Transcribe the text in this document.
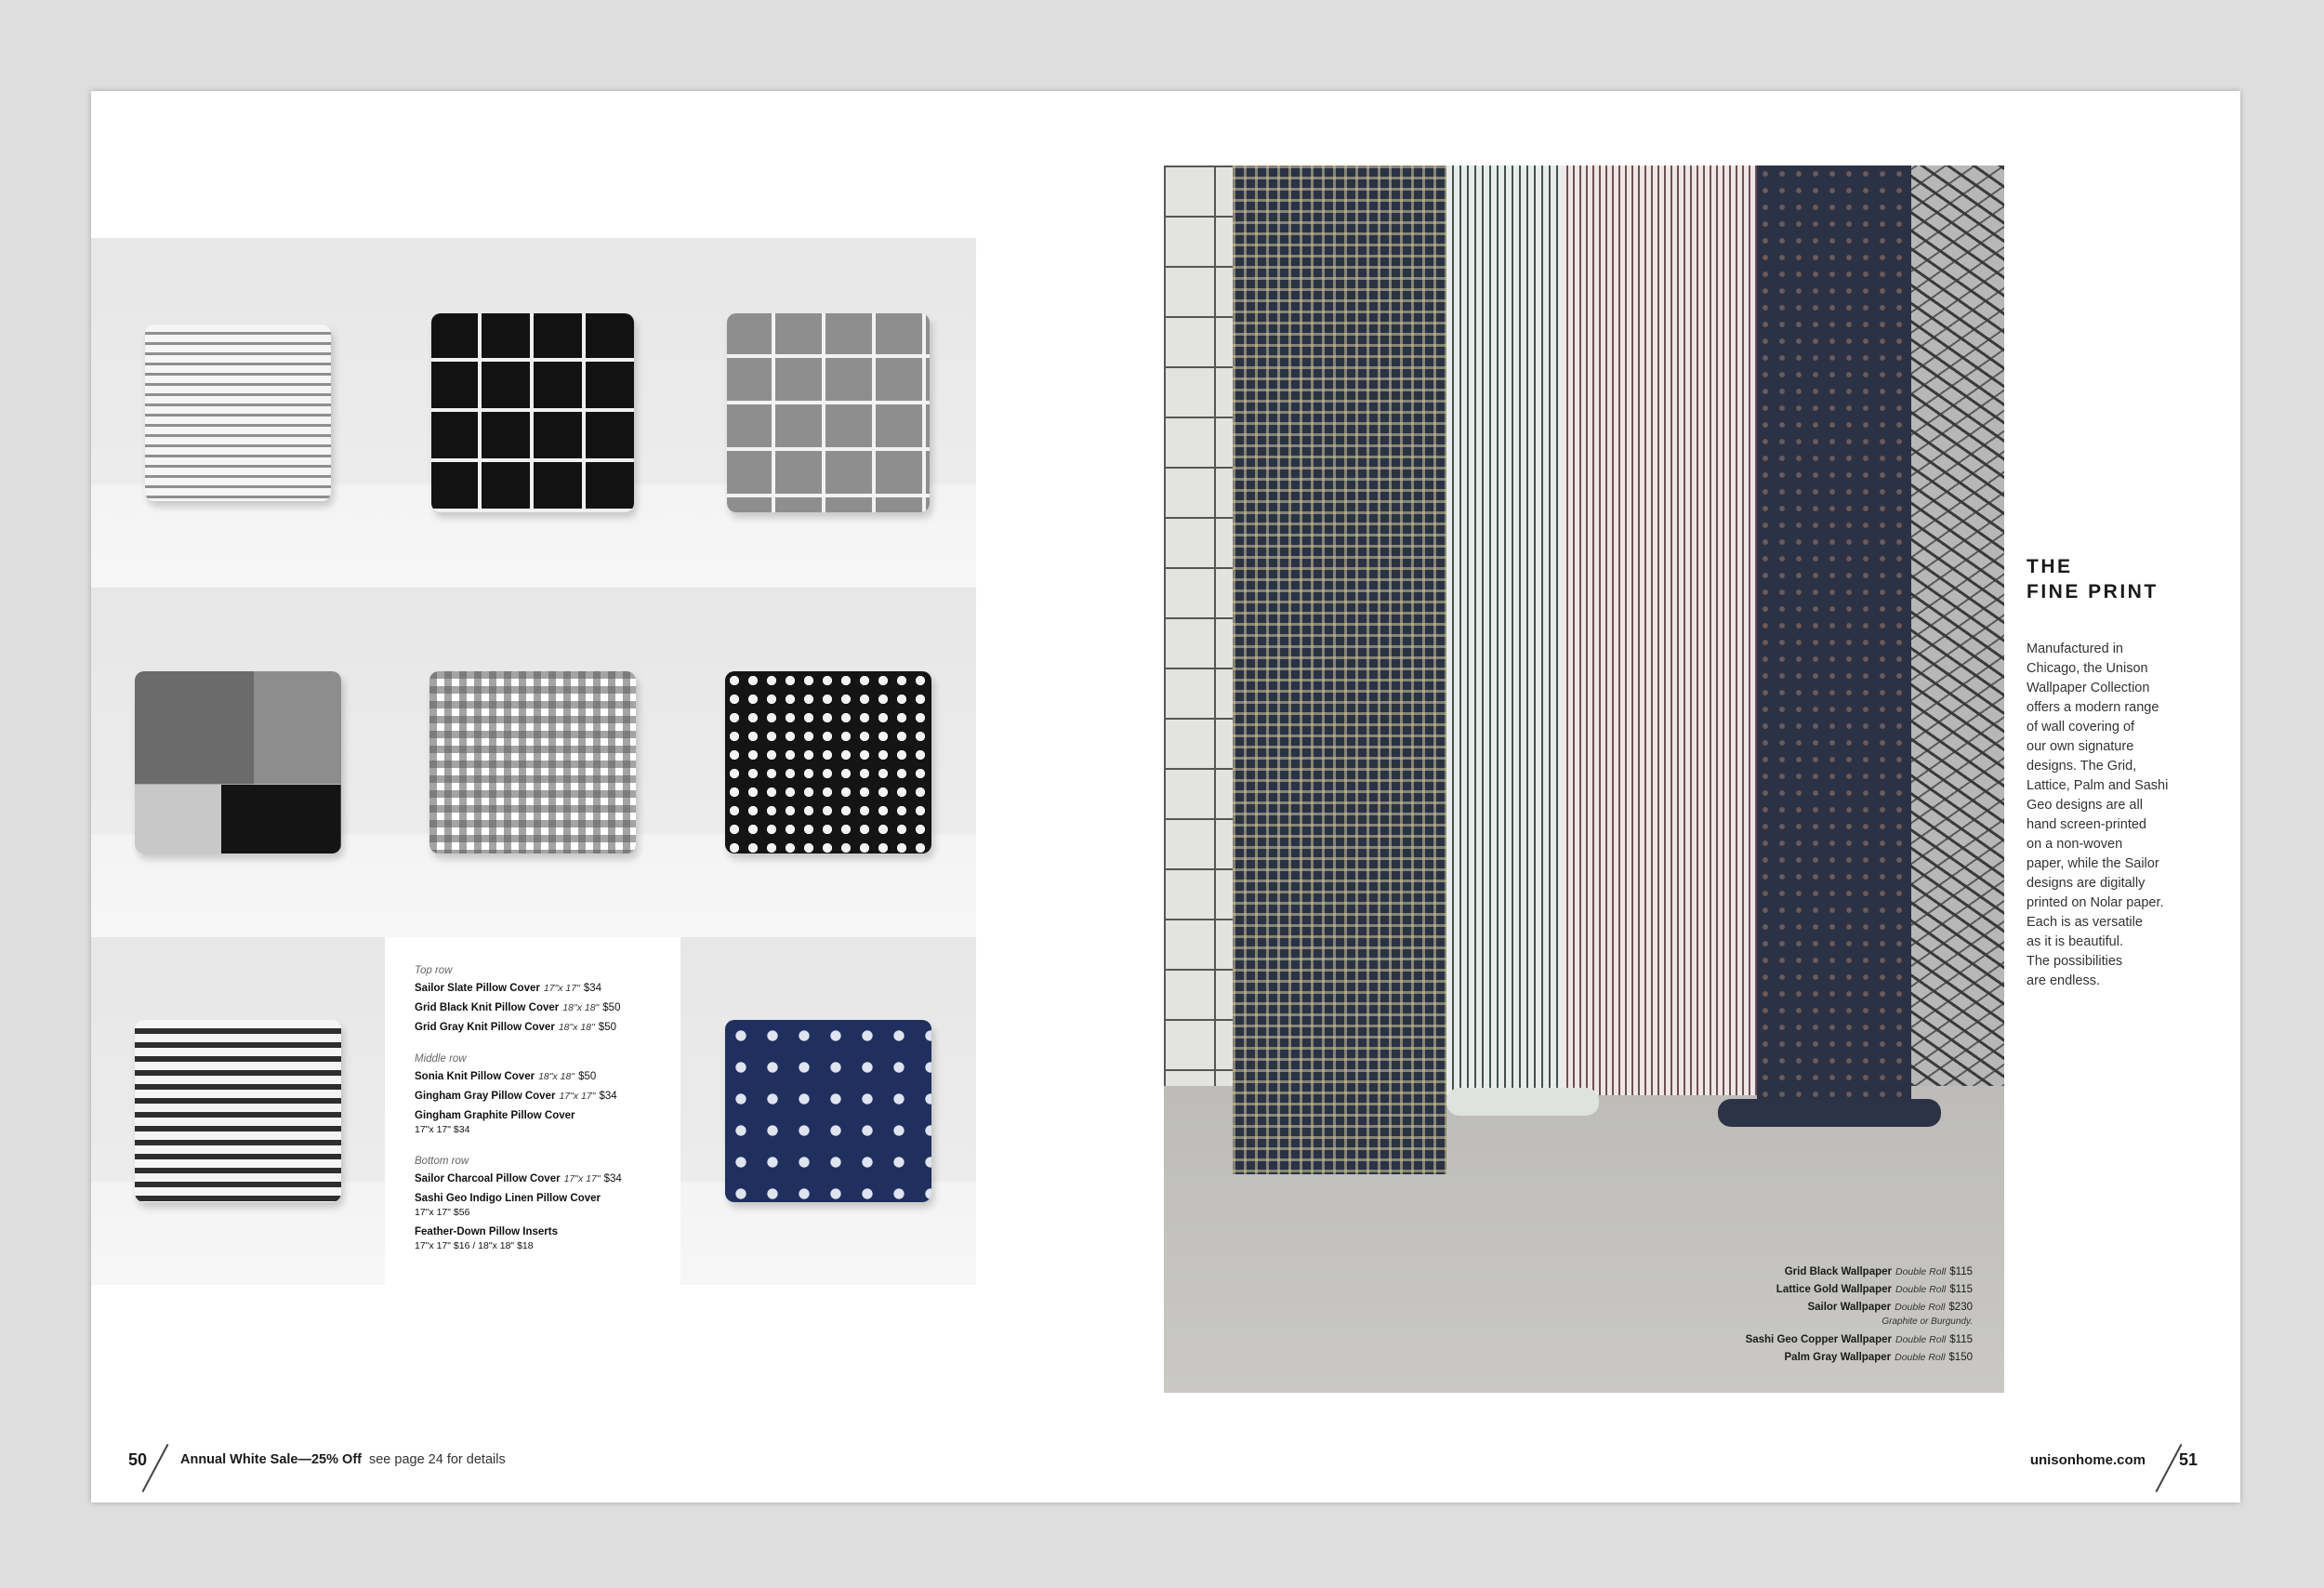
Top row
Sailor Slate Pillow Cover 17"x 17" $34
Grid Black Knit Pillow Cover 18"x 18" $50
Grid Gray Knit Pillow Cover 18"x 18" $50
Middle row
Sonia Knit Pillow Cover 18"x 18" $50
Gingham Gray Pillow Cover 17"x 17" $34
Gingham Graphite Pillow Cover
17"x 17" $34
Bottom row
Sailor Charcoal Pillow Cover 17"x 17" $34
Sashi Geo Indigo Linen Pillow Cover
17"x 17" $56
Feather-Down Pillow Inserts
17"x 17" $16 / 18"x 18" $18
Grid Black Wallpaper Double Roll $115
Lattice Gold Wallpaper Double Roll $115
Sailor Wallpaper Double Roll $230
Graphite or Burgundy.
Sashi Geo Copper Wallpaper Double Roll $115
Palm Gray Wallpaper Double Roll $150
THE
FINE PRINT
Manufactured in
Chicago, the Unison
Wallpaper Collection
offers a modern range
of wall covering of
our own signature
designs. The Grid,
Lattice, Palm and Sashi
Geo designs are all
hand screen-printed
on a non-woven
paper, while the Sailor
designs are digitally
printed on Nolar paper.
Each is as versatile
as it is beautiful.
The possibilities
are endless.
50 Annual White Sale—25% Off see page 24 for details	unisonhome.com 51
